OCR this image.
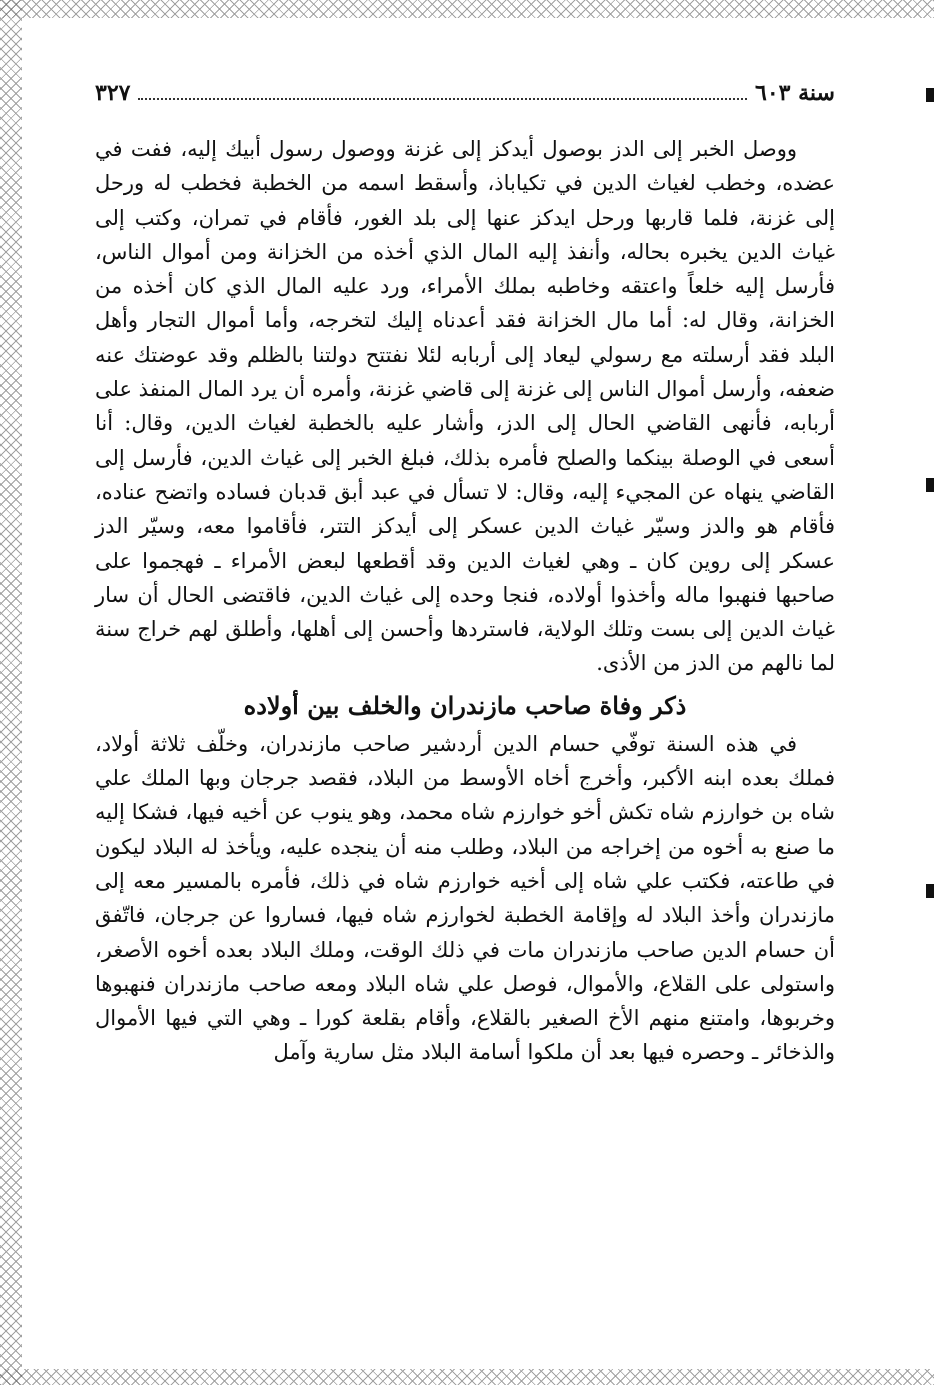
سنة ٦٠٣
٣٢٧

ووصل الخبر إلى الدز بوصول أيدكز إلى غزنة ووصول رسول أبيك إليه، ففت في عضده، وخطب لغياث الدين في تكياباذ، وأسقط اسمه من الخطبة فخطب له ورحل إلى غزنة، فلما قاربها ورحل ايدكز عنها إلى بلد الغور، فأقام في تمران، وكتب إلى غياث الدين يخبره بحاله، وأنفذ إليه المال الذي أخذه من الخزانة ومن أموال الناس، فأرسل إليه خلعاً واعتقه وخاطبه بملك الأمراء، ورد عليه المال الذي كان أخذه من الخزانة، وقال له: أما مال الخزانة فقد أعدناه إليك لتخرجه، وأما أموال التجار وأهل البلد فقد أرسلته مع رسولي ليعاد إلى أربابه لئلا نفتتح دولتنا بالظلم وقد عوضتك عنه ضعفه، وأرسل أموال الناس إلى غزنة إلى قاضي غزنة، وأمره أن يرد المال المنفذ على أربابه، فأنهى القاضي الحال إلى الدز، وأشار عليه بالخطبة لغياث الدين، وقال: أنا أسعى في الوصلة بينكما والصلح فأمره بذلك، فبلغ الخبر إلى غياث الدين، فأرسل إلى القاضي ينهاه عن المجيء إليه، وقال: لا تسأل في عبد أبق قدبان فساده واتضح عناده، فأقام هو والدز وسيّر غياث الدين عسكر إلى أيدكز التتر، فأقاموا معه، وسيّر الدز عسكر إلى روين كان ـ وهي لغياث الدين وقد أقطعها لبعض الأمراء ـ فهجموا على صاحبها فنهبوا ماله وأخذوا أولاده، فنجا وحده إلى غياث الدين، فاقتضى الحال أن سار غياث الدين إلى بست وتلك الولاية، فاستردها وأحسن إلى أهلها، وأطلق لهم خراج سنة لما نالهم من الدز من الأذى.

ذكر وفاة صاحب مازندران والخلف بين أولاده

في هذه السنة توفّي حسام الدين أردشير صاحب مازندران، وخلّف ثلاثة أولاد، فملك بعده ابنه الأكبر، وأخرج أخاه الأوسط من البلاد، فقصد جرجان وبها الملك علي شاه بن خوارزم شاه تكش أخو خوارزم شاه محمد، وهو ينوب عن أخيه فيها، فشكا إليه ما صنع به أخوه من إخراجه من البلاد، وطلب منه أن ينجده عليه، ويأخذ له البلاد ليكون في طاعته، فكتب علي شاه إلى أخيه خوارزم شاه في ذلك، فأمره بالمسير معه إلى مازندران وأخذ البلاد له وإقامة الخطبة لخوارزم شاه فيها، فساروا عن جرجان، فاتّفق أن حسام الدين صاحب مازندران مات في ذلك الوقت، وملك البلاد بعده أخوه الأصغر، واستولى على القلاع، والأموال، فوصل علي شاه البلاد ومعه صاحب مازندران فنهبوها وخربوها، وامتنع منهم الأخ الصغير بالقلاع، وأقام بقلعة كورا ـ وهي التي فيها الأموال والذخائر ـ وحصره فيها بعد أن ملكوا أسامة البلاد مثل سارية وآمل
